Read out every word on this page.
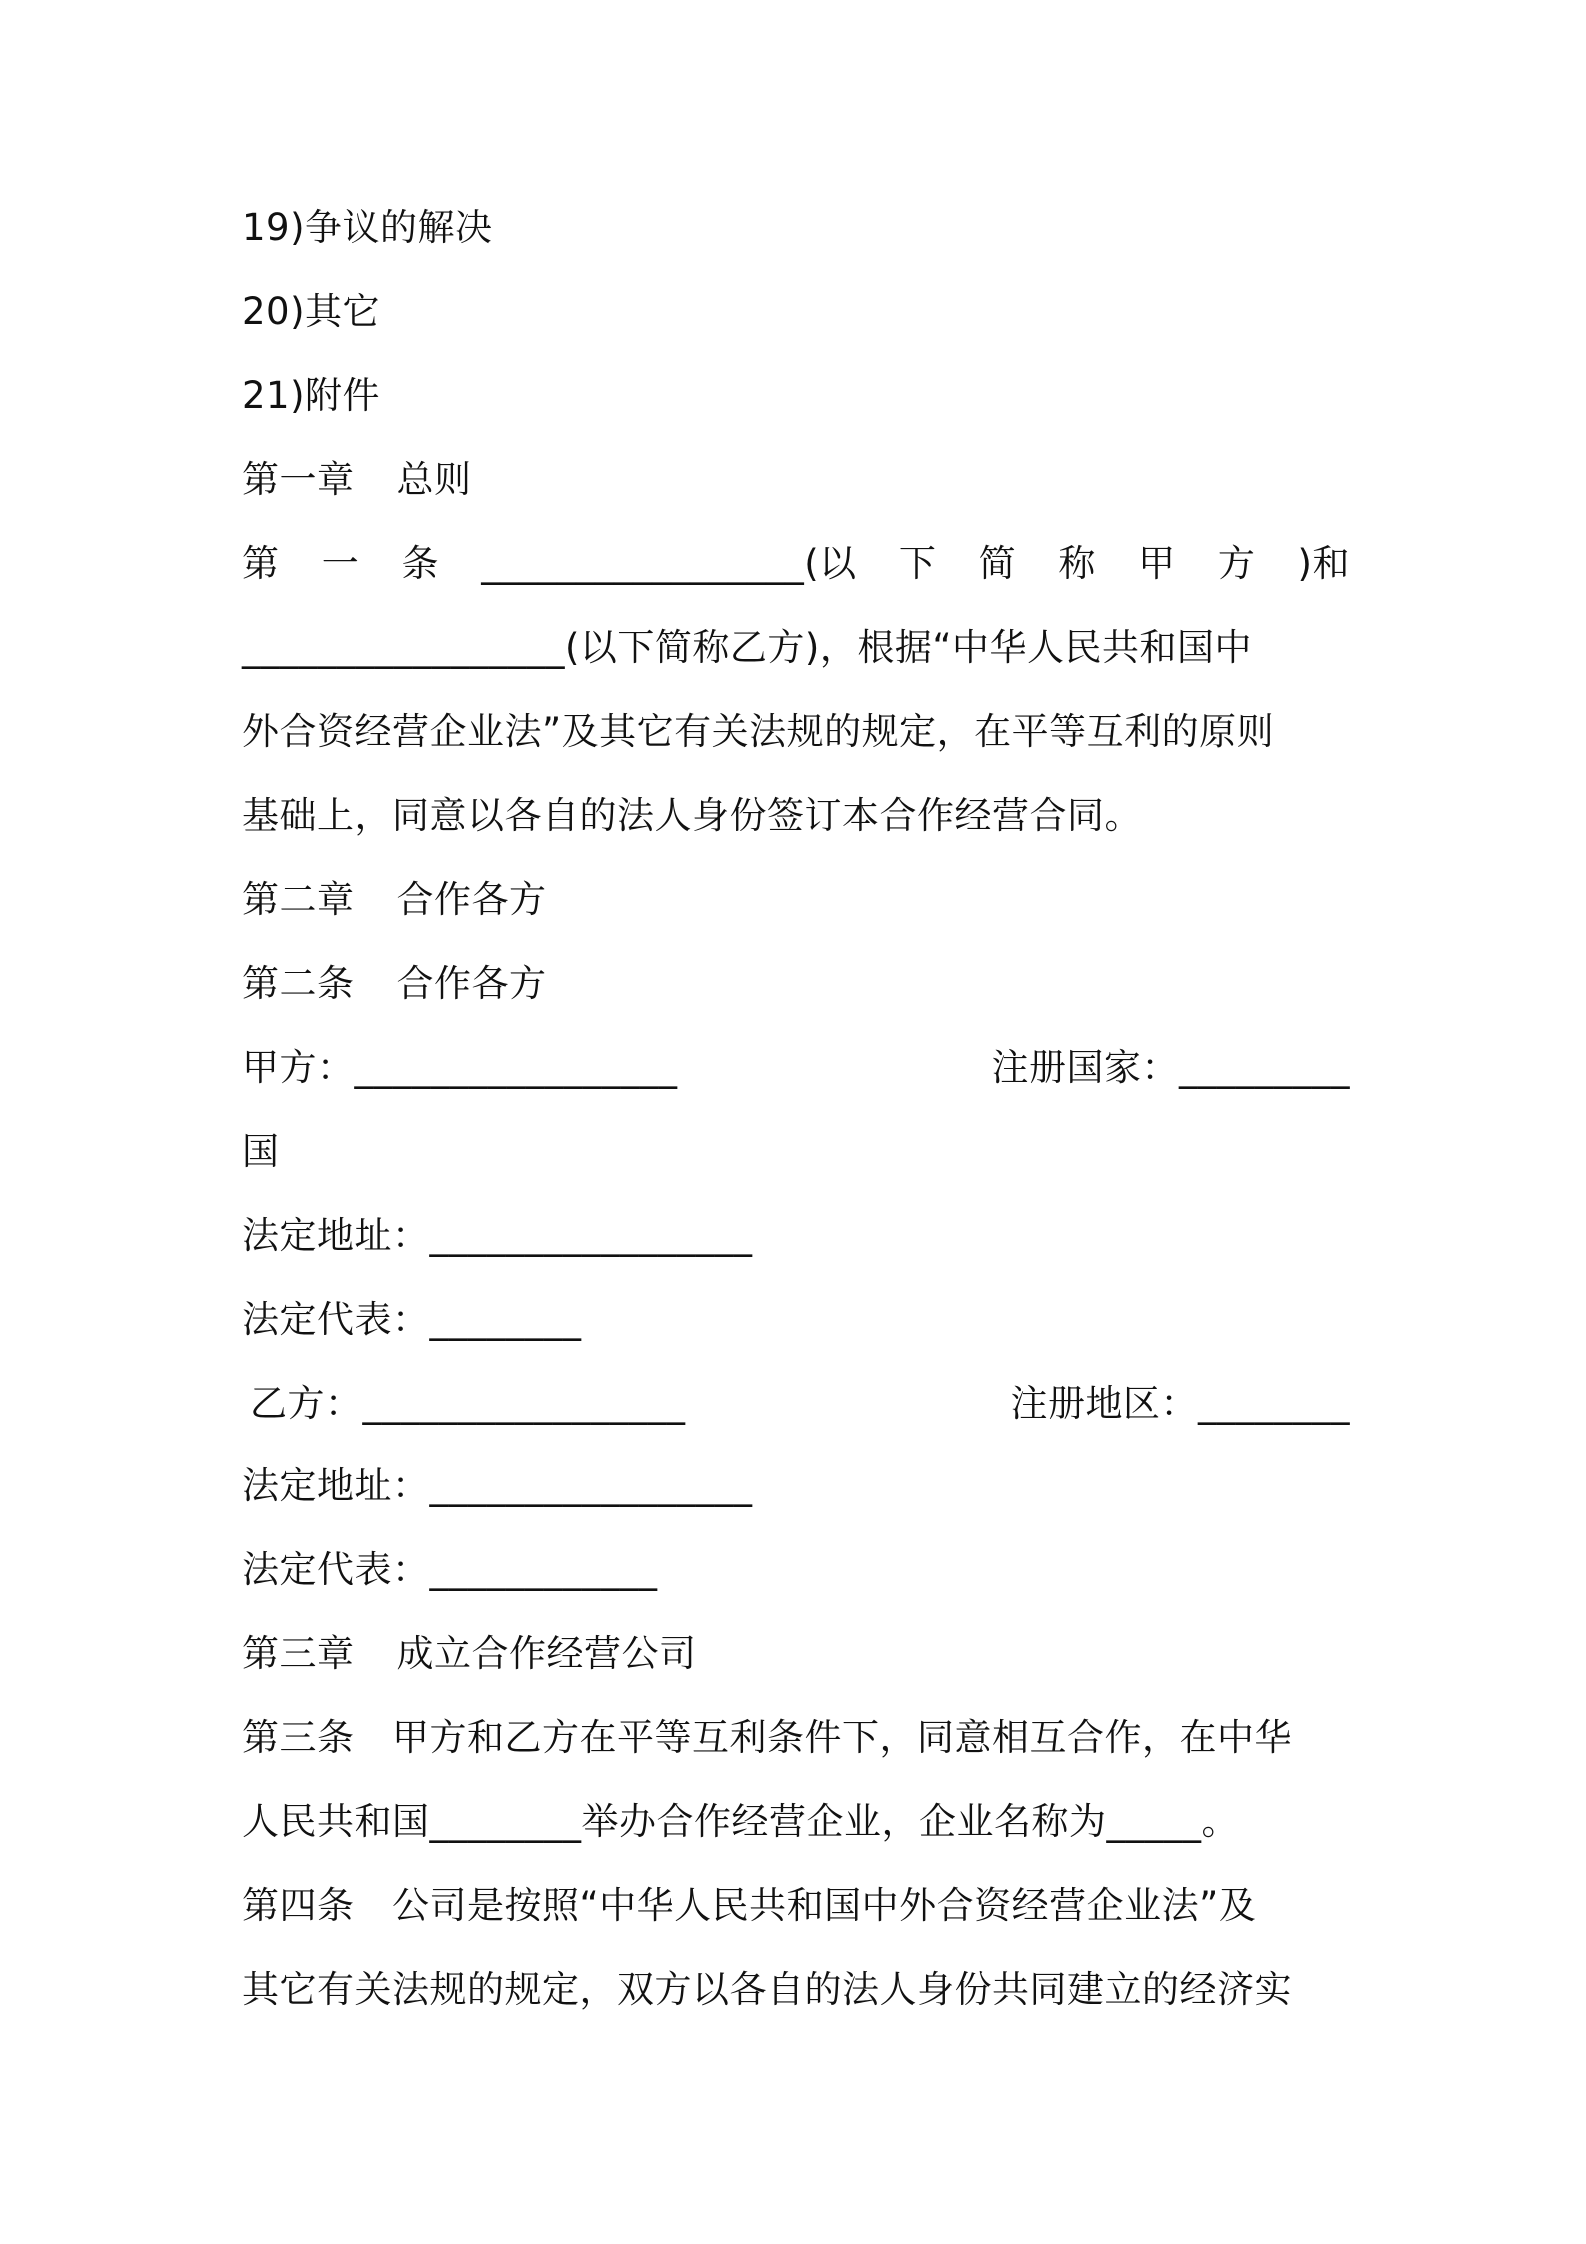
19)争议的解决
20)其它
21)附件
第一章 总则
第 一 条 _________________(以 下 简 称 甲 方 )和
_________________(以下简称乙方)，根据“中华人民共和国中
外合资经营企业法”及其它有关法规的规定，在平等互利的原则
基础上，同意以各自的法人身份签订本合作经营合同。
第二章 合作各方
第二条 合作各方
甲方：_________________	注册国家：_________
国
法定地址：_________________
法定代表：________
乙方：_________________	注册地区：________
法定地址：_________________
法定代表：____________
第三章 成立合作经营公司
第三条　甲方和乙方在平等互利条件下，同意相互合作，在中华
人民共和国________举办合作经营企业，企业名称为_____。
第四条　公司是按照“中华人民共和国中外合资经营企业法”及
其它有关法规的规定，双方以各自的法人身份共同建立的经济实
